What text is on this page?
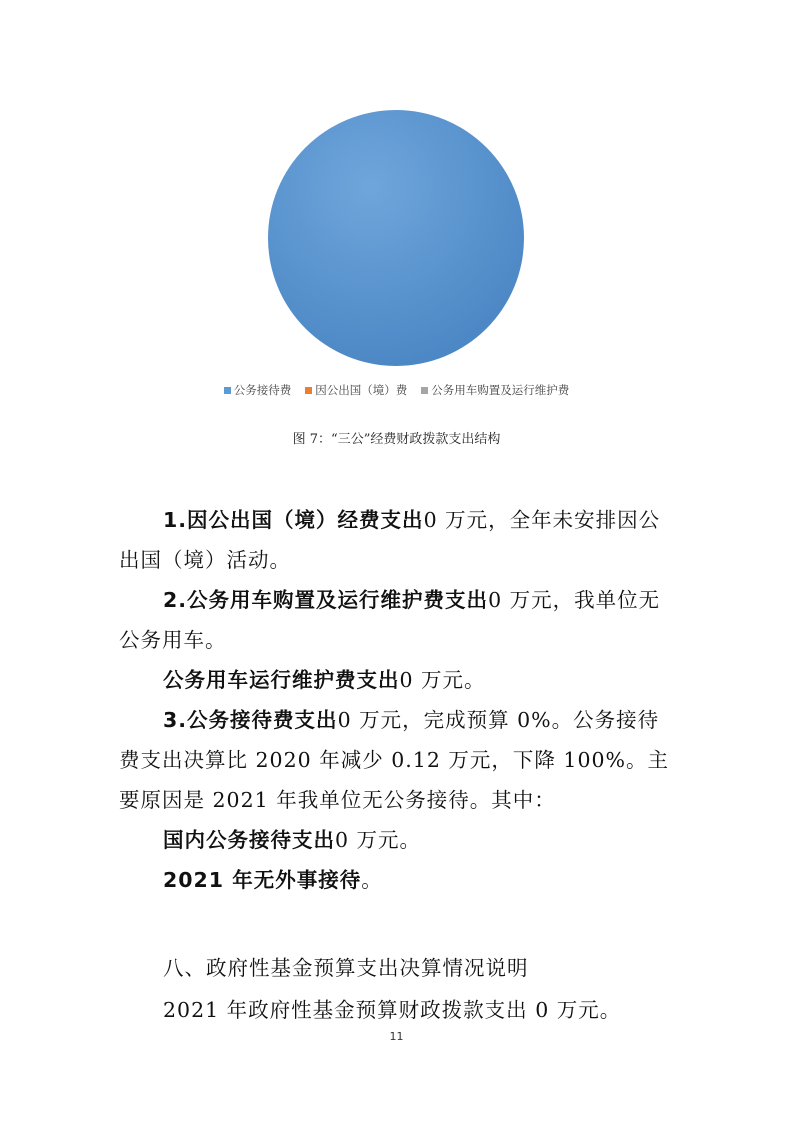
公务接待费 因公出国（境）费 公务用车购置及运行维护费
图 7：“三公”经费财政拨款支出结构
1.因公出国（境）经费支出0 万元，全年未安排因公出国（境）活动。
2.公务用车购置及运行维护费支出0 万元，我单位无公务用车。
公务用车运行维护费支出0 万元。
3.公务接待费支出0 万元，完成预算 0%。公务接待费支出决算比 2020 年减少 0.12 万元，下降 100%。主要原因是 2021 年我单位无公务接待。其中：
国内公务接待支出0 万元。
2021 年无外事接待。
八、政府性基金预算支出决算情况说明
2021 年政府性基金预算财政拨款支出 0 万元。
11
